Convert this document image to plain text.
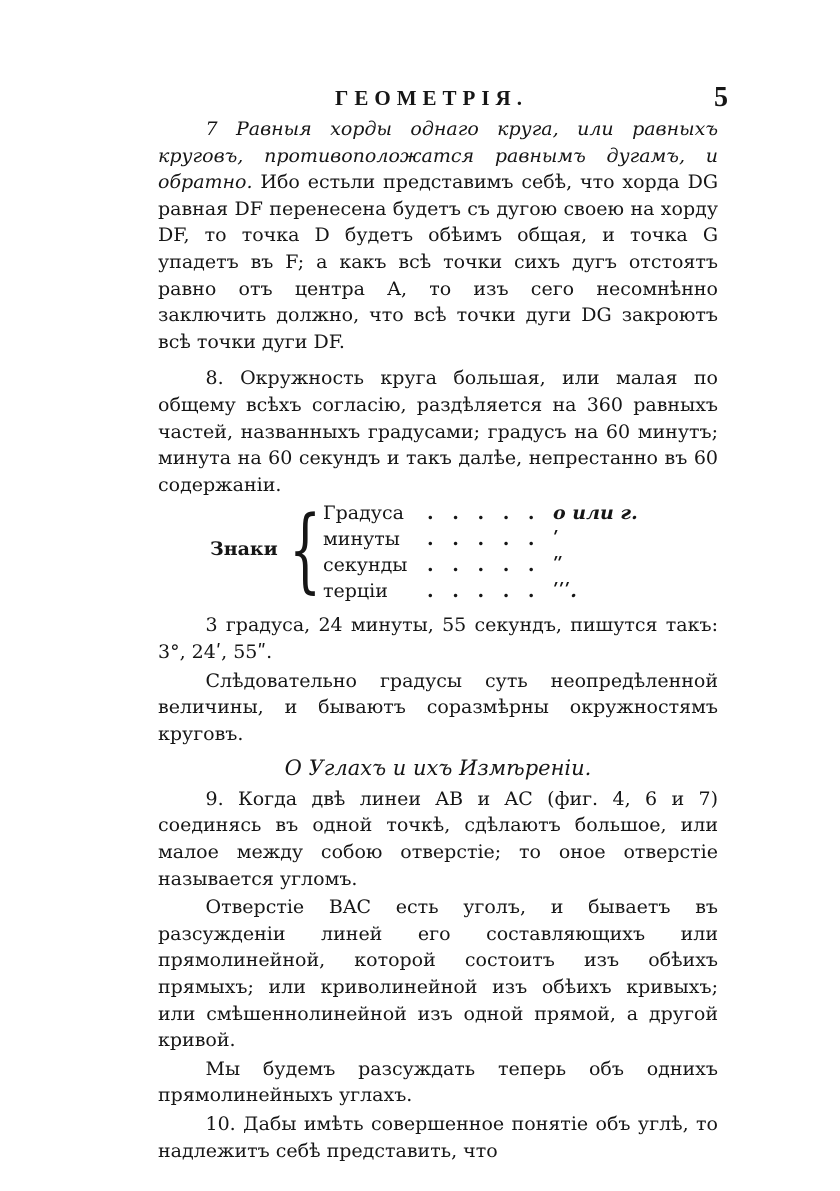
ГЕОМЕТРІЯ.	5

7 Равныя хорды однаго круга, или равныхъ круговъ, противоположатся равнымъ дугамъ, и обратно. Ибо естьли представимъ себѣ, что хорда DG равная DF перенесена будетъ съ дугою своею на хорду DF, то точка D будетъ обѣимъ общая, и точка G упадетъ въ F; а какъ всѣ точки сихъ дугъ отстоятъ равно отъ центра A, то изъ сего несомнѣнно заключить должно, что всѣ точки дуги DG закроютъ всѣ точки дуги DF.

8. Окружность круга большая, или малая по общему всѣхъ согласію, раздѣляется на 360 равныхъ частей, названныхъ градусами; градусъ на 60 минутъ; минута на 60 секундъ и такъ далѣе, непрестанно въ 60 содержаніи.

Знаки { Градуса . . . . . o или г.
минуты . . . . . ʹ
секунды . . . . . ʺ
терціи . . . . . ʹʹʹ.

3 градуса, 24 минуты, 55 секундъ, пишутся такъ: 3°, 24ʹ, 55ʺ.

Слѣдовательно градусы суть неопредѣленной величины, и бываютъ соразмѣрны окружностямъ круговъ.

О Углахъ и ихъ Измѣреніи.

9. Когда двѣ линеи AB и AC (фиг. 4, 6 и 7) соединясь въ одной точкѣ, сдѣлаютъ большое, или малое между собою отверстіе; то оное отверстіе называется угломъ.

Отверстіе BAC есть уголъ, и бываетъ въ разсужденіи линей его составляющихъ или прямолинейной, которой состоитъ изъ обѣихъ прямыхъ; или криволинейной изъ обѣихъ кривыхъ; или смѣшеннолинейной изъ одной прямой, а другой кривой.

Мы будемъ разсуждать теперь объ однихъ прямолинейныхъ углахъ.

10. Дабы имѣть совершенное понятіе объ углѣ, то надлежитъ себѣ представить, что
